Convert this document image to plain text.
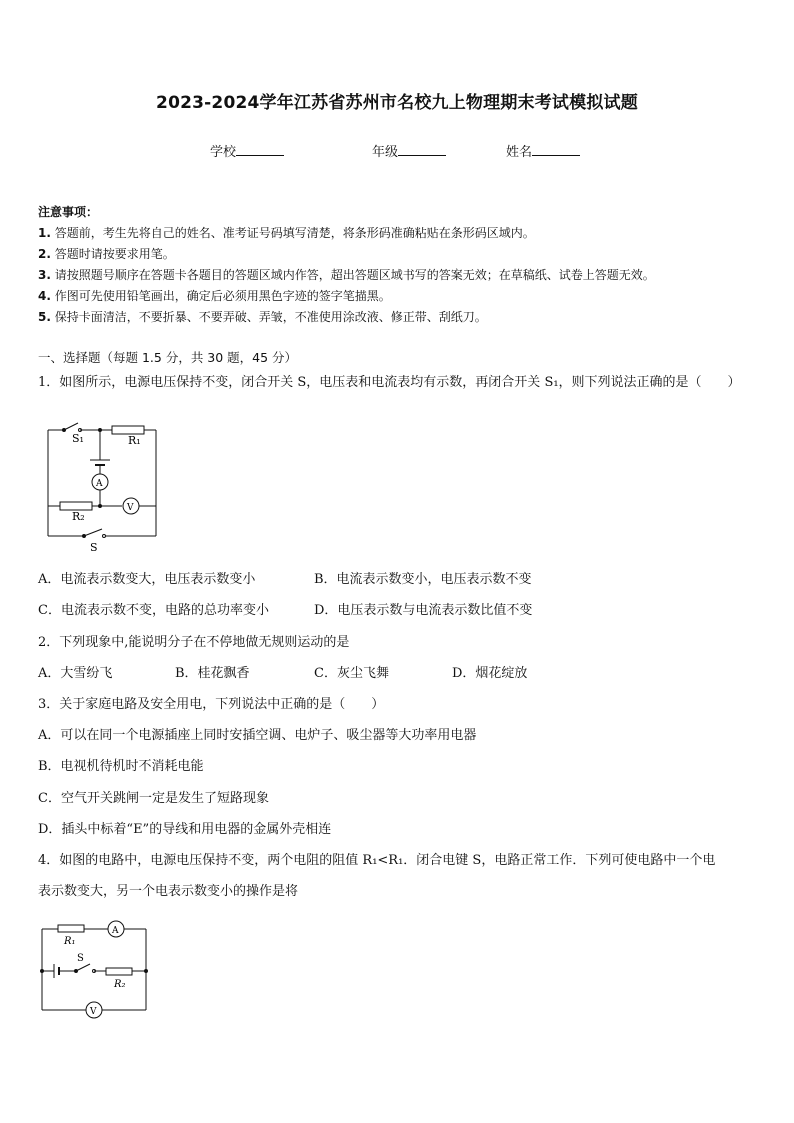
2023-2024学年江苏省苏州市名校九上物理期末考试模拟试题
学校	年级	姓名
注意事项：
1. 答题前，考生先将自己的姓名、准考证号码填写清楚，将条形码准确粘贴在条形码区域内。
2. 答题时请按要求用笔。
3. 请按照题号顺序在答题卡各题目的答题区域内作答，超出答题区域书写的答案无效；在草稿纸、试卷上答题无效。
4. 作图可先使用铅笔画出，确定后必须用黑色字迹的签字笔描黑。
5. 保持卡面清洁，不要折暴、不要弄破、弄皱，不准使用涂改液、修正带、刮纸刀。
一、选择题（每题 1.5 分，共 30 题，45 分）
1．如图所示，电源电压保持不变，闭合开关 S，电压表和电流表均有示数，再闭合开关 S₁，则下列说法正确的是（　　）
S₁	R₁
A
V
R₂
S
A．电流表示数变大，电压表示数变小	B．电流表示数变小，电压表示数不变
C．电流表示数不变，电路的总功率变小	D．电压表示数与电流表示数比值不变
2．下列现象中,能说明分子在不停地做无规则运动的是
A．大雪纷飞	B．桂花飘香	C．灰尘飞舞	D．烟花绽放
3．关于家庭电路及安全用电，下列说法中正确的是（　　）
A．可以在同一个电源插座上同时安插空调、电炉子、吸尘器等大功率用电器
B．电视机待机时不消耗电能
C．空气开关跳闸一定是发生了短路现象
D．插头中标着“E”的导线和用电器的金属外壳相连
4．如图的电路中，电源电压保持不变，两个电阻的阻值 R₁<R₁．闭合电键 S，电路正常工作．下列可使电路中一个电
表示数变大，另一个电表示数变小的操作是将
R₁
A
S
R₂
V
